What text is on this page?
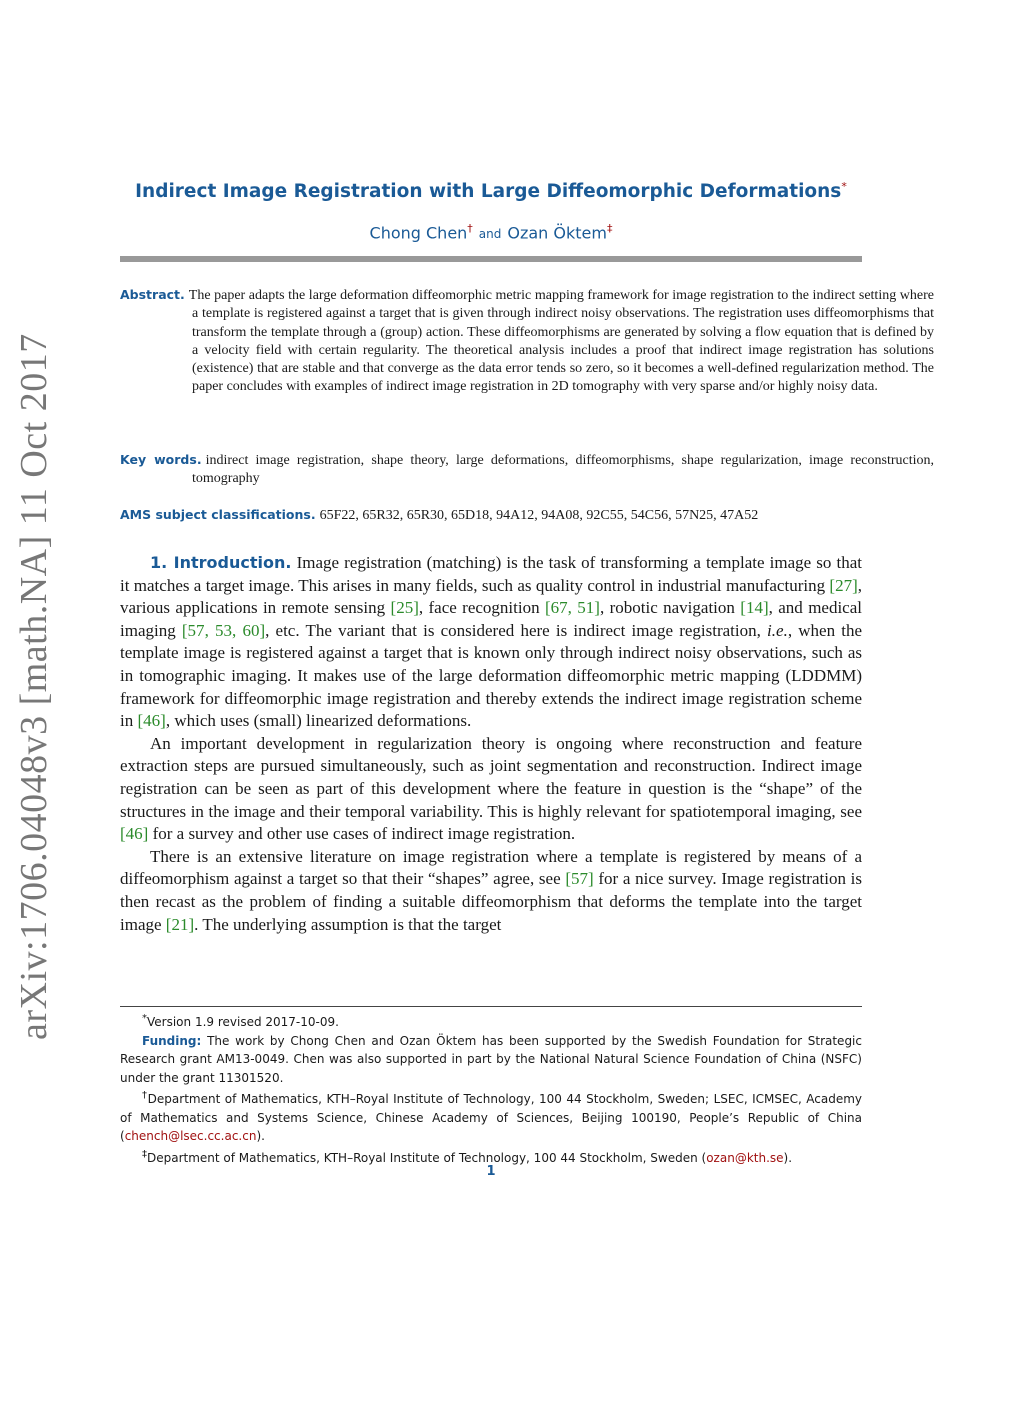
arXiv:1706.04048v3 [math.NA] 11 Oct 2017
Indirect Image Registration with Large Diffeomorphic Deformations*
Chong Chen† and Ozan Öktem‡
Abstract. The paper adapts the large deformation diffeomorphic metric mapping framework for image registration to the indirect setting where a template is registered against a target that is given through indirect noisy observations. The registration uses diffeomorphisms that transform the template through a (group) action. These diffeomorphisms are generated by solving a flow equation that is defined by a velocity field with certain regularity. The theoretical analysis includes a proof that indirect image registration has solutions (existence) that are stable and that converge as the data error tends so zero, so it becomes a well-defined regularization method. The paper concludes with examples of indirect image registration in 2D tomography with very sparse and/or highly noisy data.
Key words. indirect image registration, shape theory, large deformations, diffeomorphisms, shape regularization, image reconstruction, tomography
AMS subject classifications. 65F22, 65R32, 65R30, 65D18, 94A12, 94A08, 92C55, 54C56, 57N25, 47A52

1. Introduction. Image registration (matching) is the task of transforming a template image so that it matches a target image. This arises in many fields, such as quality control in industrial manufacturing [27], various applications in remote sensing [25], face recognition [67, 51], robotic navigation [14], and medical imaging [57, 53, 60], etc. The variant that is considered here is indirect image registration, i.e., when the template image is registered against a target that is known only through indirect noisy observations, such as in tomographic imaging. It makes use of the large deformation diffeomorphic metric mapping (LDDMM) framework for diffeomorphic image registration and thereby extends the indirect image registration scheme in [46], which uses (small) linearized deformations.

An important development in regularization theory is ongoing where reconstruction and feature extraction steps are pursued simultaneously, such as joint segmentation and reconstruction. Indirect image registration can be seen as part of this development where the feature in question is the “shape” of the structures in the image and their temporal variability. This is highly relevant for spatiotemporal imaging, see [46] for a survey and other use cases of indirect image registration.

There is an extensive literature on image registration where a template is registered by means of a diffeomorphism against a target so that their “shapes” agree, see [57] for a nice survey. Image registration is then recast as the problem of finding a suitable diffeomorphism that deforms the template into the target image [21]. The underlying assumption is that the target

*Version 1.9 revised 2017-10-09.

Funding: The work by Chong Chen and Ozan Öktem has been supported by the Swedish Foundation for Strategic Research grant AM13-0049. Chen was also supported in part by the National Natural Science Foundation of China (NSFC) under the grant 11301520.

†Department of Mathematics, KTH–Royal Institute of Technology, 100 44 Stockholm, Sweden; LSEC, ICMSEC, Academy of Mathematics and Systems Science, Chinese Academy of Sciences, Beijing 100190, People’s Republic of China (chench@lsec.cc.ac.cn).

‡Department of Mathematics, KTH–Royal Institute of Technology, 100 44 Stockholm, Sweden (ozan@kth.se).

1
